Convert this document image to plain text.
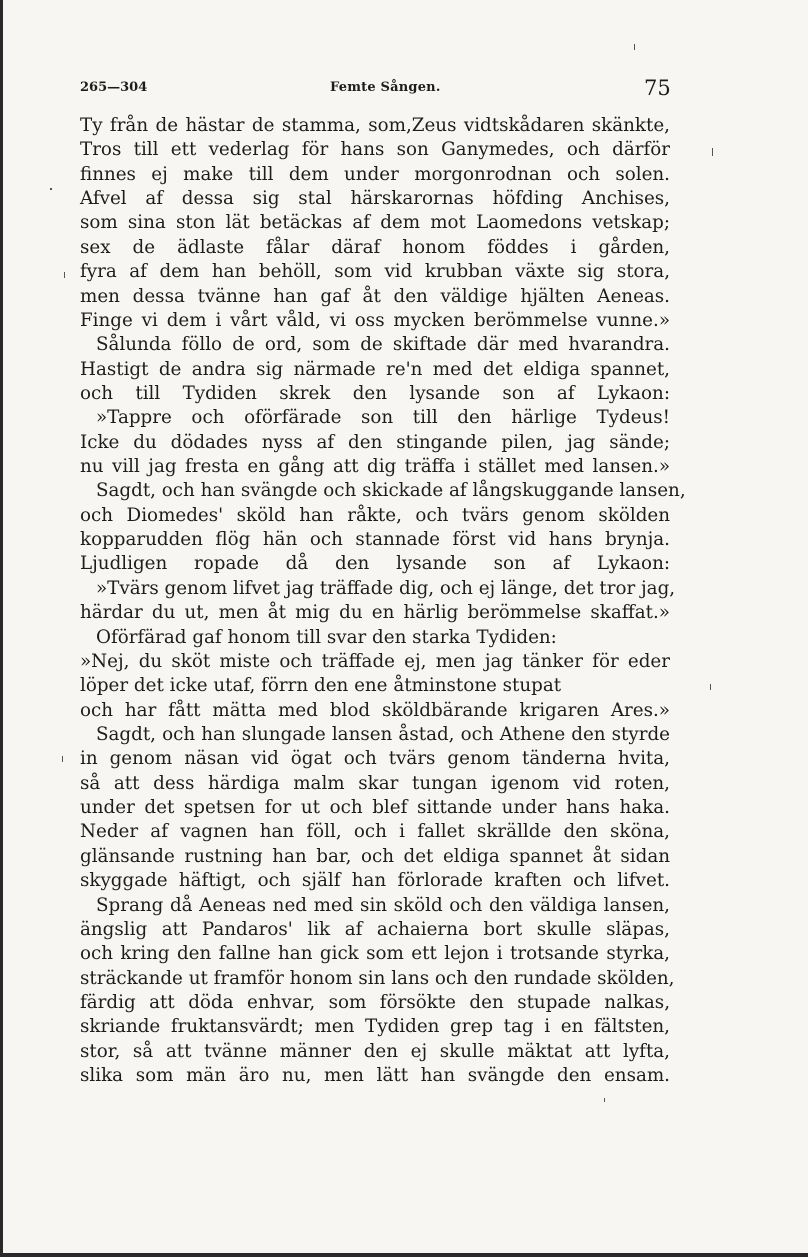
265—304	Femte Sången.	75
Ty från de hästar de stamma, som,Zeus vidtskådaren skänkte,
Tros till ett vederlag för hans son Ganymedes, och därför
finnes ej make till dem under morgonrodnan och solen.
Afvel af dessa sig stal härskarornas höfding Anchises,
som sina ston lät betäckas af dem mot Laomedons vetskap;
sex de ädlaste fålar däraf honom föddes i gården,
fyra af dem han behöll, som vid krubban växte sig stora,
men dessa tvänne han gaf åt den väldige hjälten Aeneas.
Finge vi dem i vårt våld, vi oss mycken berömmelse vunne.»
Sålunda föllo de ord, som de skiftade där med hvarandra.
Hastigt de andra sig närmade re'n med det eldiga spannet,
och till Tydiden skrek den lysande son af Lykaon:
»Tappre och oförfärade son till den härlige Tydeus!
Icke du dödades nyss af den stingande pilen, jag sände;
nu vill jag fresta en gång att dig träffa i stället med lansen.»
Sagdt, och han svängde och skickade af långskuggande lansen,
och Diomedes' sköld han råkte, och tvärs genom skölden
kopparudden flög hän och stannade först vid hans brynja.
Ljudligen ropade då den lysande son af Lykaon:
»Tvärs genom lifvet jag träffade dig, och ej länge, det tror jag,
härdar du ut, men åt mig du en härlig berömmelse skaffat.»
Oförfärad gaf honom till svar den starka Tydiden:
»Nej, du sköt miste och träffade ej, men jag tänker för eder
löper det icke utaf, förrn den ene åtminstone stupat
och har fått mätta med blod sköldbärande krigaren Ares.»
Sagdt, och han slungade lansen åstad, och Athene den styrde
in genom näsan vid ögat och tvärs genom tänderna hvita,
så att dess härdiga malm skar tungan igenom vid roten,
under det spetsen for ut och blef sittande under hans haka.
Neder af vagnen han föll, och i fallet skrällde den sköna,
glänsande rustning han bar, och det eldiga spannet åt sidan
skyggade häftigt, och själf han förlorade kraften och lifvet.
Sprang då Aeneas ned med sin sköld och den väldiga lansen,
ängslig att Pandaros' lik af achaierna bort skulle släpas,
och kring den fallne han gick som ett lejon i trotsande styrka,
sträckande ut framför honom sin lans och den rundade skölden,
färdig att döda enhvar, som försökte den stupade nalkas,
skriande fruktansvärdt; men Tydiden grep tag i en fältsten,
stor, så att tvänne männer den ej skulle mäktat att lyfta,
slika som män äro nu, men lätt han svängde den ensam.
